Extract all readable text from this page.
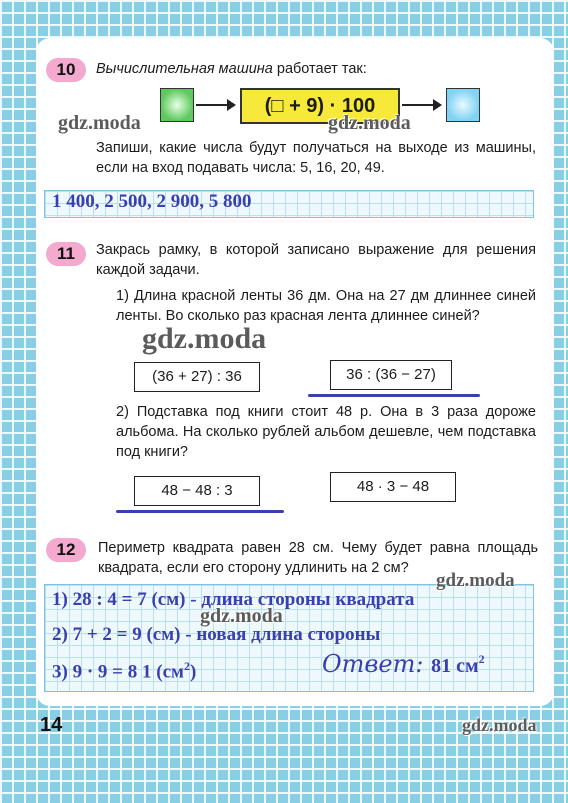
10	Вычислительная машина работает так:
(□ + 9) · 100
Запиши, какие числа будут получаться на выходе из машины, если на вход подавать числа: 5, 16, 20, 49.
1 400, 2 500, 2 900, 5 800
11	Закрась рамку, в которой записано выражение для решения каждой задачи.
1) Длина красной ленты 36 дм. Она на 27 дм длиннее синей ленты. Во сколько раз красная лента длиннее синей?
(36 + 27) : 36	36 : (36 − 27)
2) Подставка под книги стоит 48 р. Она в 3 раза дороже альбома. На сколько рублей альбом дешевле, чем подставка под книги?
48 − 48 : 3	48 · 3 − 48
12	Периметр квадрата равен 28 см. Чему будет равна площадь квадрата, если его сторону удлинить на 2 см?
1) 28 : 4 = 7 (см) - длина стороны квадрата
2) 7 + 2 = 9 (см) - новая длина стороны
3) 9 · 9 = 8 1 $(см^2)$	Ответ: 81 $см^2$
14
gdz.moda	gdz.moda
gdz.moda
gdz.moda
gdz.moda
gdz.moda
